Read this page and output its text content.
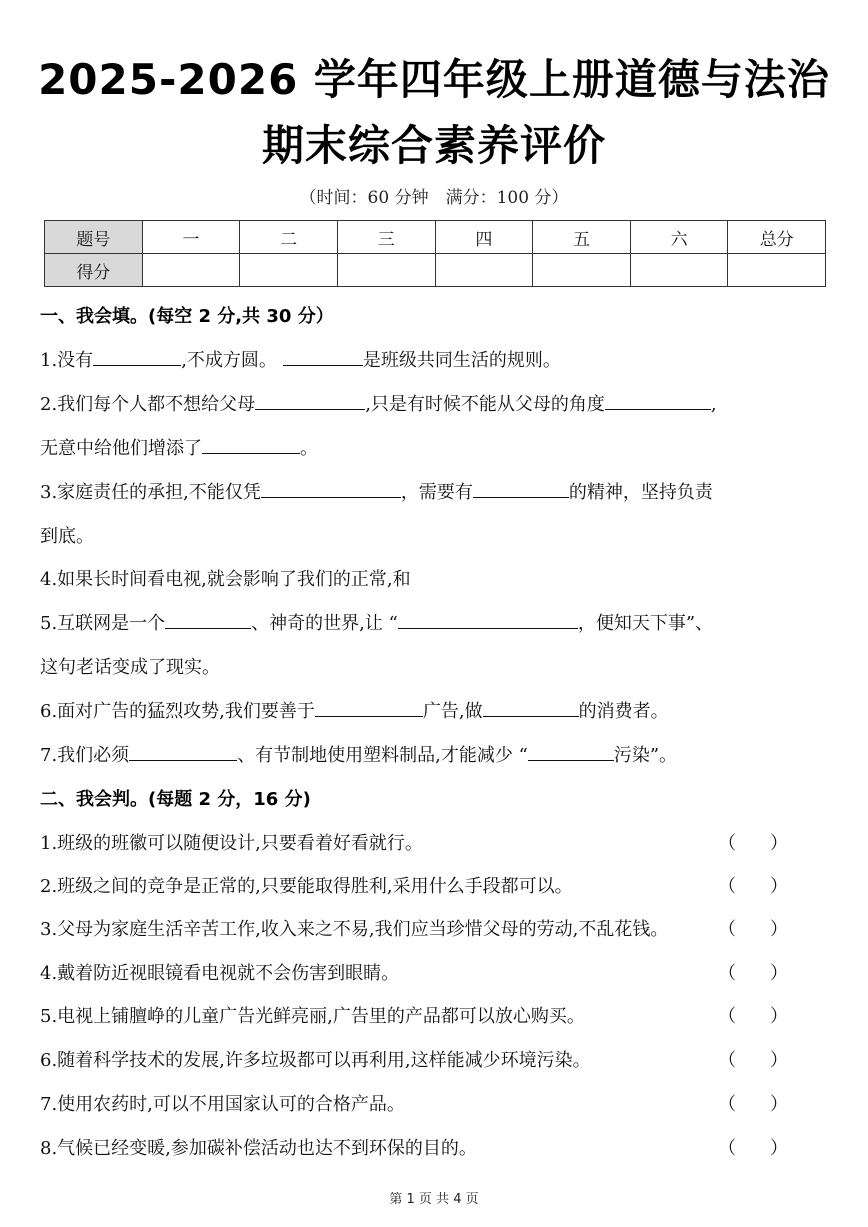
2025-2026 学年四年级上册道德与法治
期末综合素养评价
（时间：60 分钟　满分：100 分）
题号	一	二	三	四	五	六	总分
得分							
一、我会填。(每空 2 分,共 30 分）
1.没有	,不成方圆。	是班级共同生活的规则。
2.我们每个人都不想给父母	,只是有时候不能从父母的角度	,
无意中给他们增添了	。
3.家庭责任的承担,不能仅凭	，需要有	的精神，坚持负责
到底。
4.如果长时间看电视,就会影响了我们的正常,和
5.互联网是一个	、神奇的世界,让 “	，便知天下事”、
这句老话变成了现实。
6.面对广告的猛烈攻势,我们要善于	广告,做	的消费者。
7.我们必须	、有节制地使用塑料制品,才能减少 “	污染”。
二、我会判。(每题 2 分，16 分)
1.班级的班徽可以随便设计,只要看着好看就行。	（ ）
2.班级之间的竞争是正常的,只要能取得胜利,采用什么手段都可以。	（ ）
3.父母为家庭生活辛苦工作,收入来之不易,我们应当珍惜父母的劳动,不乱花钱。	（ ）
4.戴着防近视眼镜看电视就不会伤害到眼睛。	（ ）
5.电视上铺膻峥的儿童广告光鲜亮丽,广告里的产品都可以放心购买。	（ ）
6.随着科学技术的发展,许多垃圾都可以再利用,这样能减少环境污染。	（ ）
7.使用农药时,可以不用国家认可的合格产品。	（ ）
8.气候已经变暖,参加碳补偿活动也达不到环保的目的。	（ ）
第 1 页 共 4 页
